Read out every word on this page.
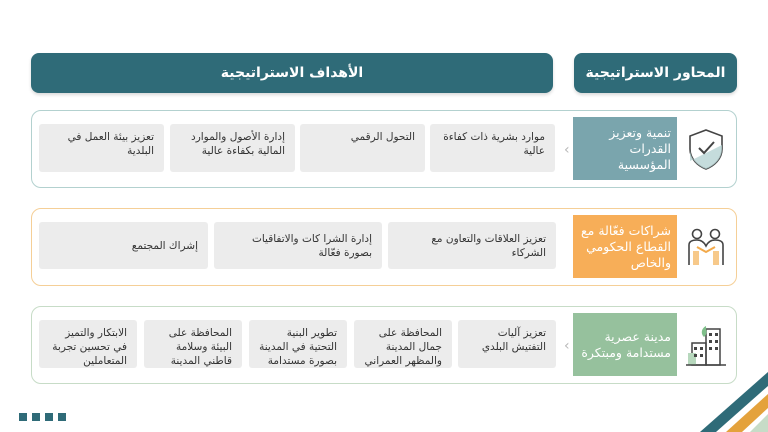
الأهداف الاستراتيجية	المحاور الاستراتيجية
تنمية وتعزيز القدرات المؤسسية
‹
موارد بشرية ذات كفاءة عالية
التحول الرقمي
إدارة الأصول والموارد المالية بكفاءة عالية
تعزيز بيئة العمل في البلدية
شراكات فعّالة مع القطاع الحكومي والخاص
تعزيز العلاقات والتعاون مع الشركاء
إدارة الشرا كات والاتفاقيات بصورة فعّالة
إشراك المجتمع
مدينة عصرية مستدامة ومبتكرة
‹
تعزيز آليات التفتيش البلدي
المحافظة على جمال المدينة والمظهر العمراني
تطوير البنية التحتية في المدينة بصورة مستدامة
المحافظة على البيئة وسلامة قاطني المدينة
الابتكار والتميز في تحسين تجربة المتعاملين
